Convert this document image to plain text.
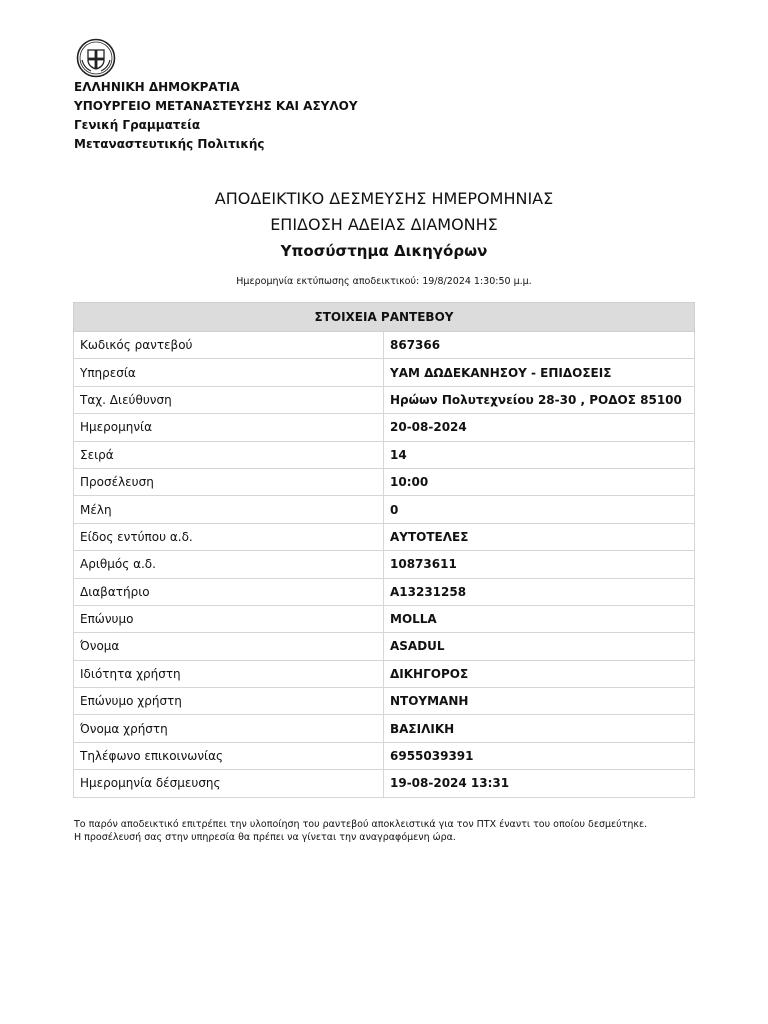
ΕΛΛΗΝΙΚΗ ΔΗΜΟΚΡΑΤΙΑ
ΥΠΟΥΡΓΕΙΟ ΜΕΤΑΝΑΣΤΕΥΣΗΣ ΚΑΙ ΑΣΥΛΟΥ
Γενική Γραμματεία
Μεταναστευτικής Πολιτικής
ΑΠΟΔΕΙΚΤΙΚΟ ΔΕΣΜΕΥΣΗΣ ΗΜΕΡΟΜΗΝΙΑΣ
ΕΠΙΔΟΣΗ ΑΔΕΙΑΣ ΔΙΑΜΟΝΗΣ
Υποσύστημα Δικηγόρων
Ημερομηνία εκτύπωσης αποδεικτικού: 19/8/2024 1:30:50 μ.μ.
ΣΤΟΙΧΕΙΑ ΡΑΝΤΕΒΟΥ	
Κωδικός ραντεβού	867366
Υπηρεσία	ΥΑΜ ΔΩΔΕΚΑΝΗΣΟΥ - ΕΠΙΔΟΣΕΙΣ
Ταχ. Διεύθυνση	Ηρώων Πολυτεχνείου 28-30 , ΡΟΔΟΣ 85100
Ημερομηνία	20-08-2024
Σειρά	14
Προσέλευση	10:00
Μέλη	0
Είδος εντύπου α.δ.	ΑΥΤΟΤΕΛΕΣ
Αριθμός α.δ.	10873611
Διαβατήριο	A13231258
Επώνυμο	MOLLA
Όνομα	ASADUL
Ιδιότητα χρήστη	ΔΙΚΗΓΟΡΟΣ
Επώνυμο χρήστη	ΝΤΟΥΜΑΝΗ
Όνομα χρήστη	ΒΑΣΙΛΙΚΗ
Τηλέφωνο επικοινωνίας	6955039391
Ημερομηνία δέσμευσης	19-08-2024 13:31
Το παρόν αποδεικτικό επιτρέπει την υλοποίηση του ραντεβού αποκλειστικά για τον ΠΤΧ έναντι του οποίου δεσμεύτηκε.
Η προσέλευσή σας στην υπηρεσία θα πρέπει να γίνεται την αναγραφόμενη ώρα.
